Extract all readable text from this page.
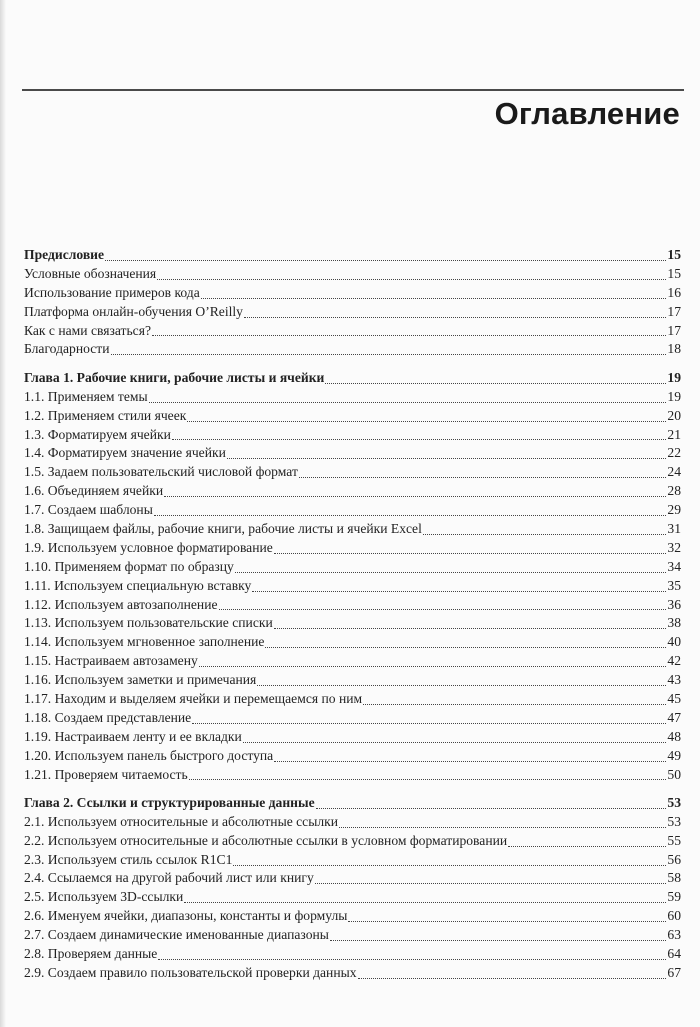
Оглавление
Предисловие	15
Условные обозначения	15
Использование примеров кода	16
Платформа онлайн-обучения O’Reilly	17
Как с нами связаться?	17
Благодарности	18
Глава 1. Рабочие книги, рабочие листы и ячейки	19
1.1. Применяем темы	19
1.2. Применяем стили ячеек	20
1.3. Форматируем ячейки	21
1.4. Форматируем значение ячейки	22
1.5. Задаем пользовательский числовой формат	24
1.6. Объединяем ячейки	28
1.7. Создаем шаблоны	29
1.8. Защищаем файлы, рабочие книги, рабочие листы и ячейки Excel	31
1.9. Используем условное форматирование	32
1.10. Применяем формат по образцу	34
1.11. Используем специальную вставку	35
1.12. Используем автозаполнение	36
1.13. Используем пользовательские списки	38
1.14. Используем мгновенное заполнение	40
1.15. Настраиваем автозамену	42
1.16. Используем заметки и примечания	43
1.17. Находим и выделяем ячейки и перемещаемся по ним	45
1.18. Создаем представление	47
1.19. Настраиваем ленту и ее вкладки	48
1.20. Используем панель быстрого доступа	49
1.21. Проверяем читаемость	50
Глава 2. Ссылки и структурированные данные	53
2.1. Используем относительные и абсолютные ссылки	53
2.2. Используем относительные и абсолютные ссылки в условном форматировании	55
2.3. Используем стиль ссылок R1C1	56
2.4. Ссылаемся на другой рабочий лист или книгу	58
2.5. Используем 3D-ссылки	59
2.6. Именуем ячейки, диапазоны, константы и формулы	60
2.7. Создаем динамические именованные диапазоны	63
2.8. Проверяем данные	64
2.9. Создаем правило пользовательской проверки данных	67
